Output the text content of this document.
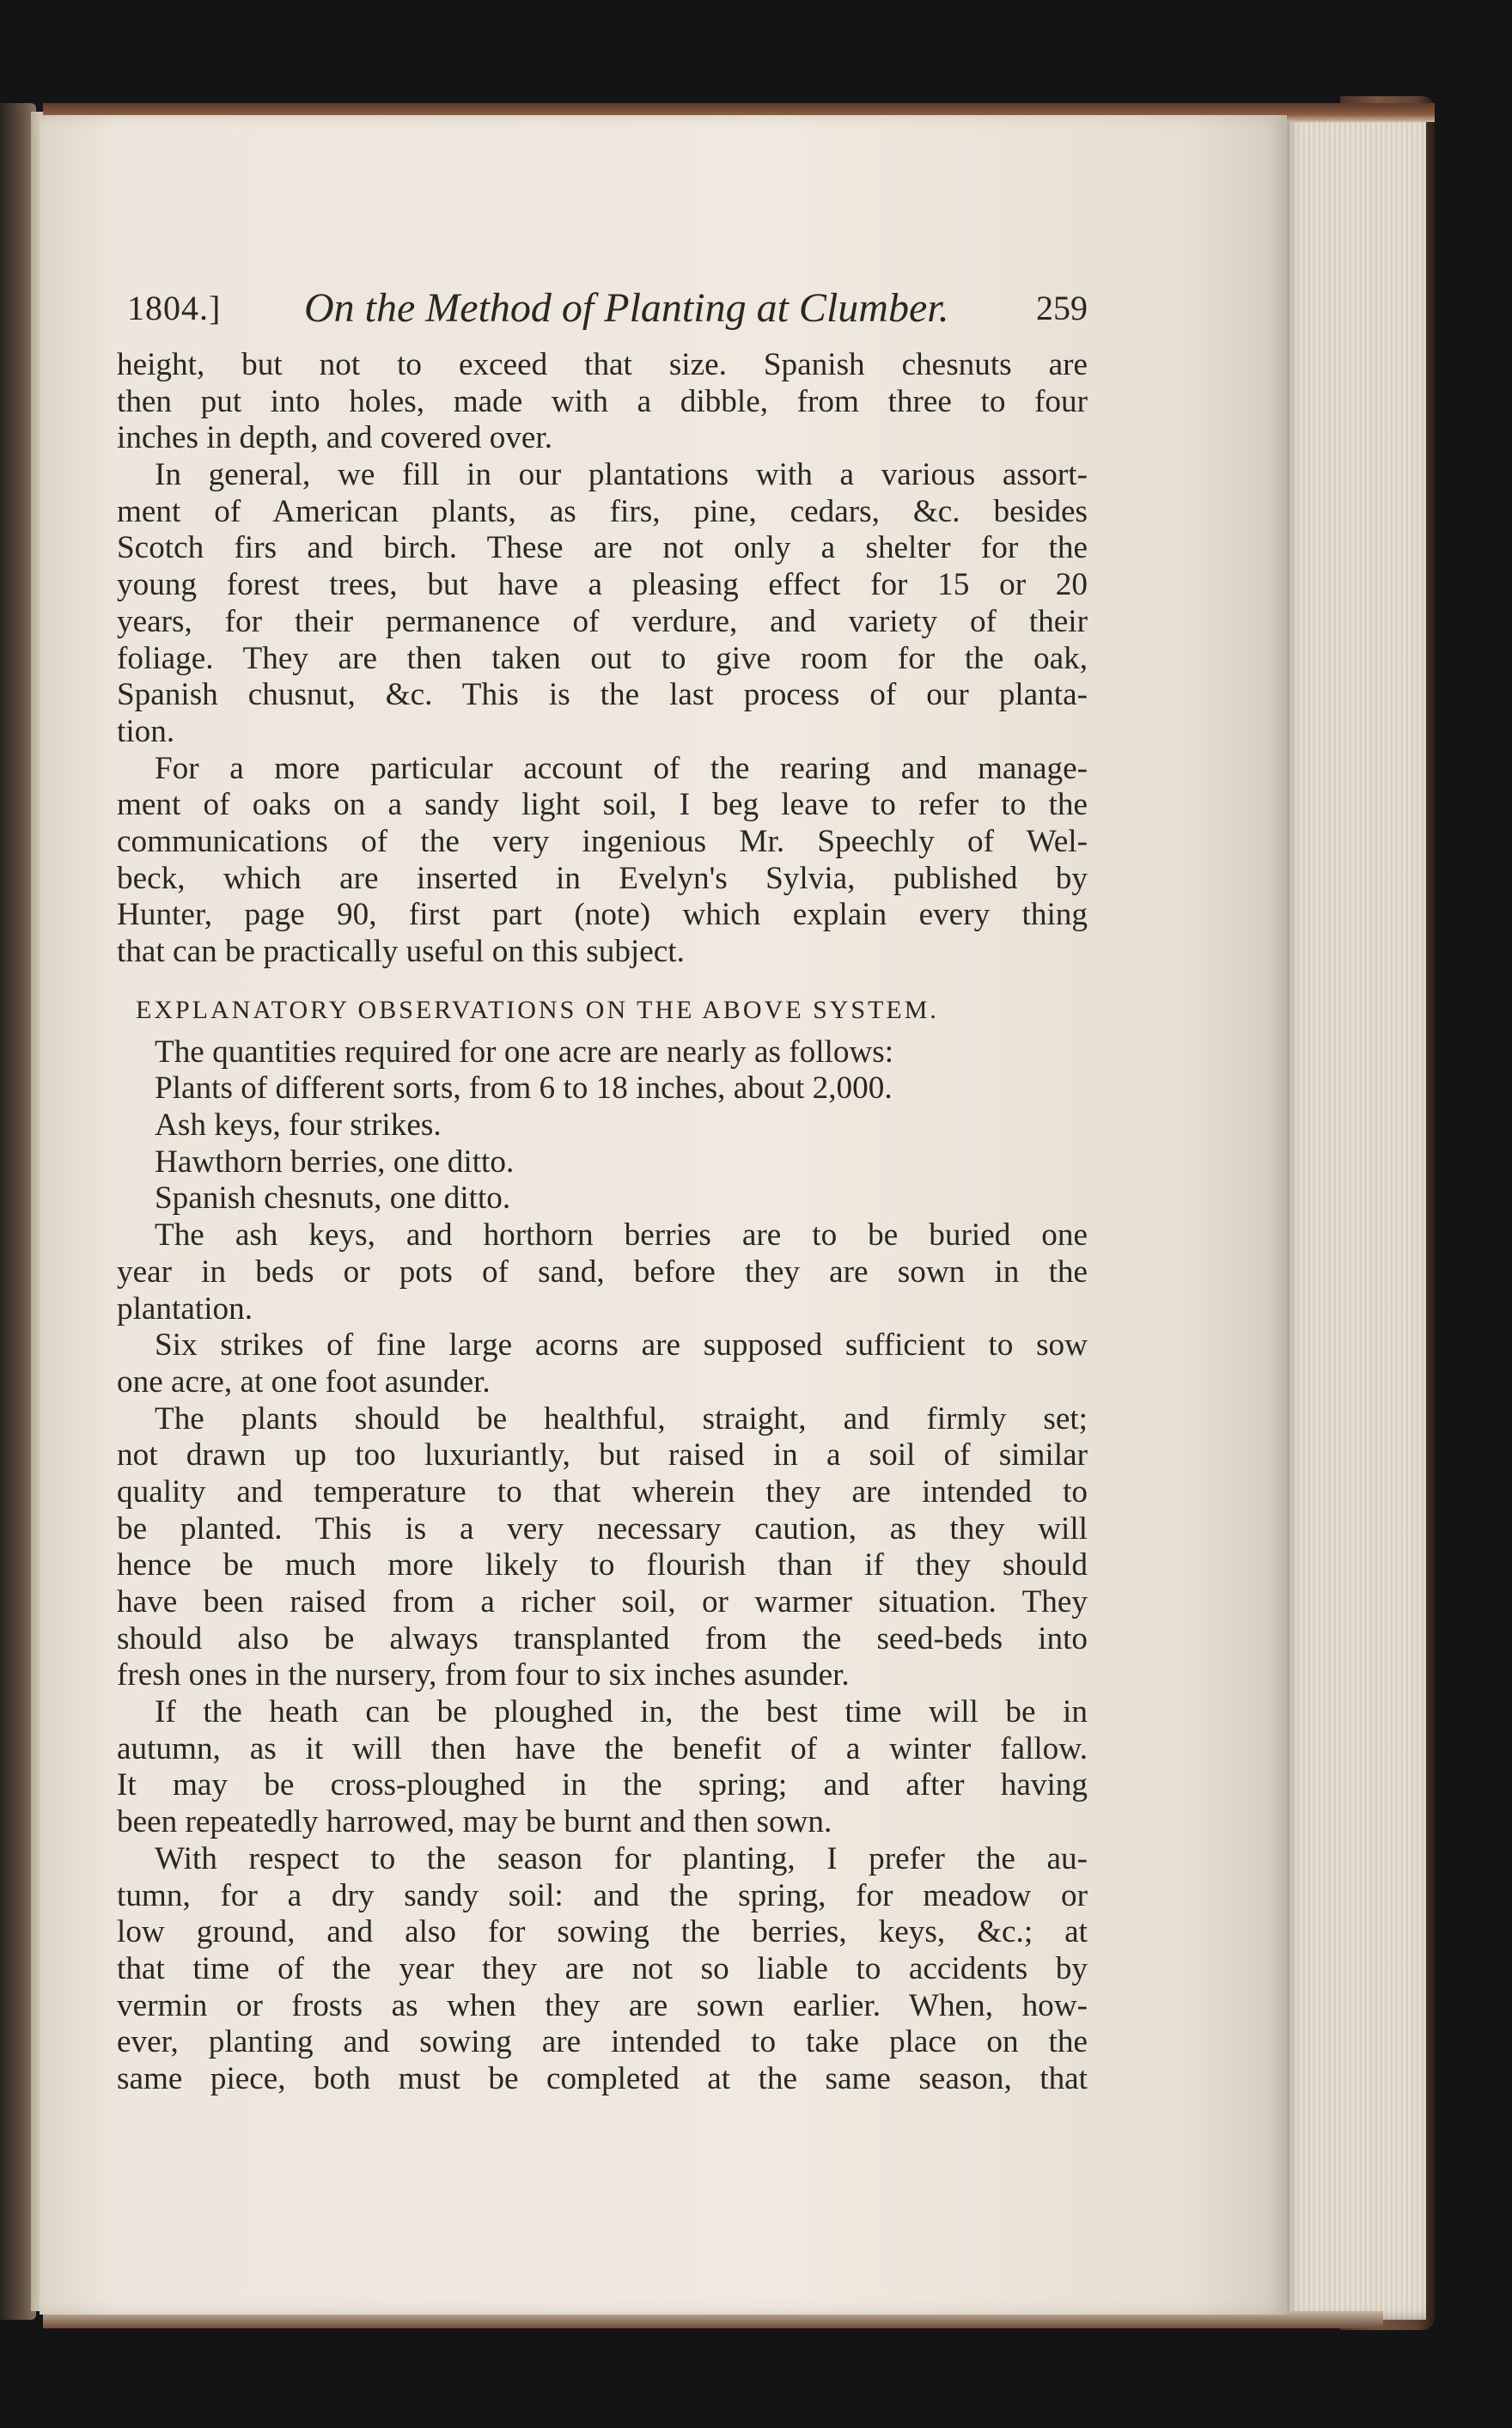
1804.] On the Method of Planting at Clumber.	259
height, but not to exceed that size. Spanish chesnuts are
then put into holes, made with a dibble, from three to four
inches in depth, and covered over.
In general, we fill in our plantations with a various assort-
ment of American plants, as firs, pine, cedars, &c. besides
Scotch firs and birch. These are not only a shelter for the
young forest trees, but have a pleasing effect for 15 or 20
years, for their permanence of verdure, and variety of their
foliage. They are then taken out to give room for the oak,
Spanish chusnut, &c. This is the last process of our planta-
tion.
For a more particular account of the rearing and manage-
ment of oaks on a sandy light soil, I beg leave to refer to the
communications of the very ingenious Mr. Speechly of Wel-
beck, which are inserted in Evelyn's Sylvia, published by
Hunter, page 90, first part (note) which explain every thing
that can be practically useful on this subject.
EXPLANATORY OBSERVATIONS ON THE ABOVE SYSTEM.
The quantities required for one acre are nearly as follows:
Plants of different sorts, from 6 to 18 inches, about 2,000.
Ash keys, four strikes.
Hawthorn berries, one ditto.
Spanish chesnuts, one ditto.
The ash keys, and horthorn berries are to be buried one
year in beds or pots of sand, before they are sown in the
plantation.
Six strikes of fine large acorns are supposed sufficient to sow
one acre, at one foot asunder.
The plants should be healthful, straight, and firmly set;
not drawn up too luxuriantly, but raised in a soil of similar
quality and temperature to that wherein they are intended to
be planted. This is a very necessary caution, as they will
hence be much more likely to flourish than if they should
have been raised from a richer soil, or warmer situation. They
should also be always transplanted from the seed-beds into
fresh ones in the nursery, from four to six inches asunder.
If the heath can be ploughed in, the best time will be in
autumn, as it will then have the benefit of a winter fallow.
It may be cross-ploughed in the spring; and after having
been repeatedly harrowed, may be burnt and then sown.
With respect to the season for planting, I prefer the au-
tumn, for a dry sandy soil: and the spring, for meadow or
low ground, and also for sowing the berries, keys, &c.; at
that time of the year they are not so liable to accidents by
vermin or frosts as when they are sown earlier. When, how-
ever, planting and sowing are intended to take place on the
same piece, both must be completed at the same season, that
